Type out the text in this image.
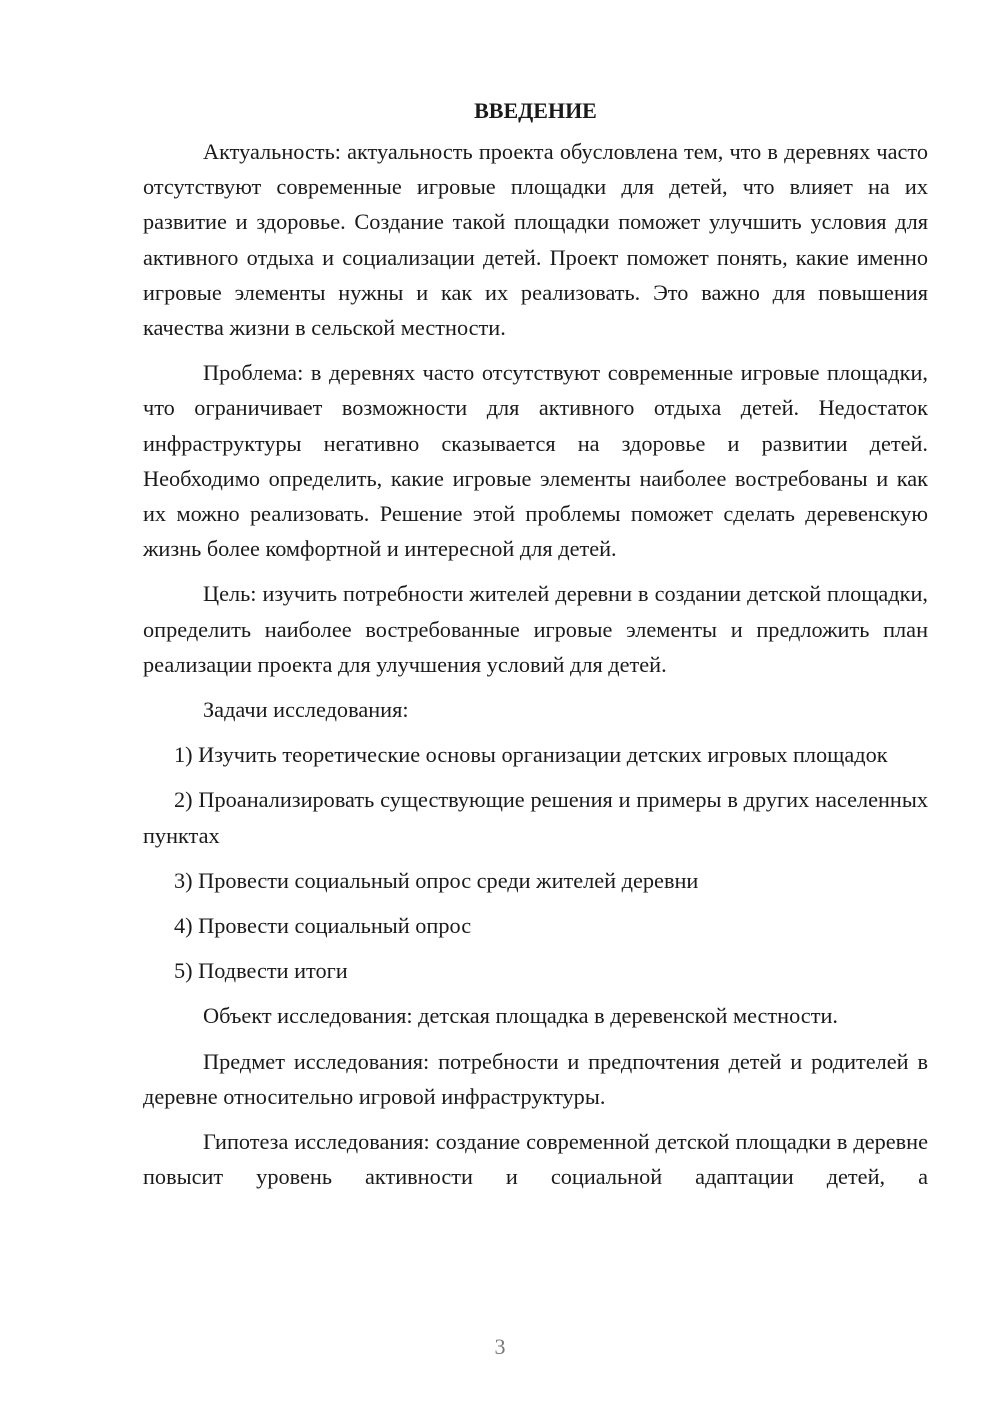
ВВЕДЕНИЕ

Актуальность: актуальность проекта обусловлена тем, что в деревнях часто отсутствуют современные игровые площадки для детей, что влияет на их развитие и здоровье. Создание такой площадки поможет улучшить условия для активного отдыха и социализации детей. Проект поможет понять, какие именно игровые элементы нужны и как их реализовать. Это важно для повышения качества жизни в сельской местности.

Проблема: в деревнях часто отсутствуют современные игровые площадки, что ограничивает возможности для активного отдыха детей. Недостаток инфраструктуры негативно сказывается на здоровье и развитии детей. Необходимо определить, какие игровые элементы наиболее востребованы и как их можно реализовать. Решение этой проблемы поможет сделать деревенскую жизнь более комфортной и интересной для детей.

Цель: изучить потребности жителей деревни в создании детской площадки, определить наиболее востребованные игровые элементы и предложить план реализации проекта для улучшения условий для детей.

Задачи исследования:

1) Изучить теоретические основы организации детских игровых площадок

2) Проанализировать существующие решения и примеры в других населенных пунктах

3) Провести социальный опрос среди жителей деревни

4) Провести социальный опрос

5) Подвести итоги

Объект исследования: детская площадка в деревенской местности.

Предмет исследования: потребности и предпочтения детей и родителей в деревне относительно игровой инфраструктуры.

Гипотеза исследования: создание современной детской площадки в деревне повысит уровень активности и социальной адаптации детей, а

3
